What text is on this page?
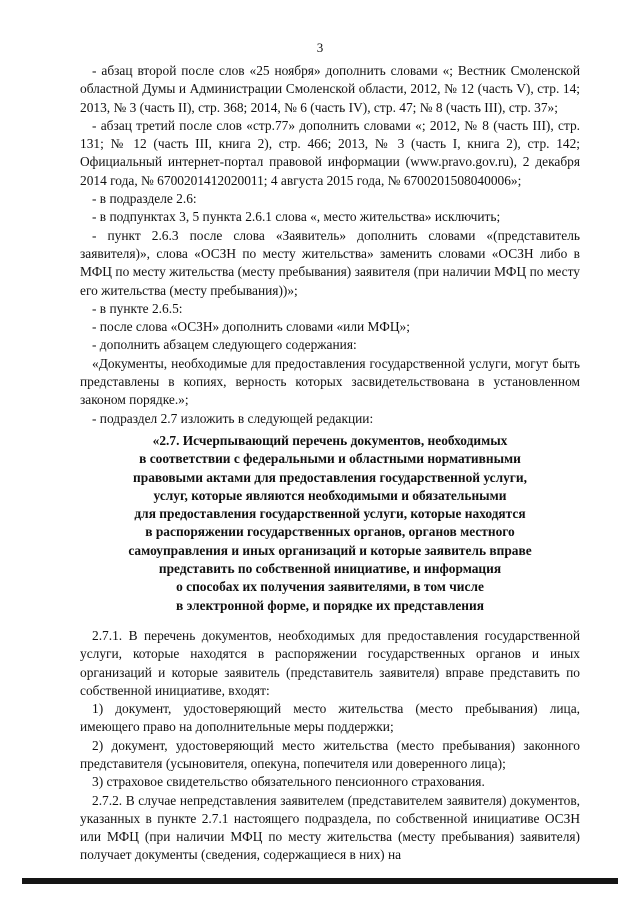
3

- абзац второй после слов «25 ноября» дополнить словами «; Вестник Смоленской областной Думы и Администрации Смоленской области, 2012, № 12 (часть V), стр. 14; 2013, № 3 (часть II), стр. 368; 2014, № 6 (часть IV), стр. 47; № 8 (часть III), стр. 37»;

- абзац третий после слов «стр.77» дополнить словами «; 2012, № 8 (часть III), стр. 131; № 12 (часть III, книга 2), стр. 466; 2013, № 3 (часть I, книга 2), стр. 142; Официальный интернет-портал правовой информации (www.pravo.gov.ru), 2 декабря 2014 года, № 6700201412020011; 4 августа 2015 года, № 6700201508040006»;

- в подразделе 2.6:

- в подпунктах 3, 5 пункта 2.6.1 слова «, место жительства» исключить;

- пункт 2.6.3 после слова «Заявитель» дополнить словами «(представитель заявителя)», слова «ОСЗН по месту жительства» заменить словами «ОСЗН либо в МФЦ по месту жительства (месту пребывания) заявителя (при наличии МФЦ по месту его жительства (месту пребывания))»;

- в пункте 2.6.5:

- после слова «ОСЗН» дополнить словами «или МФЦ»;

- дополнить абзацем следующего содержания:

«Документы, необходимые для предоставления государственной услуги, могут быть представлены в копиях, верность которых засвидетельствована в установленном законом порядке.»;

- подраздел 2.7 изложить в следующей редакции:

«2.7. Исчерпывающий перечень документов, необходимых
в соответствии с федеральными и областными нормативными
правовыми актами для предоставления государственной услуги,
услуг, которые являются необходимыми и обязательными
для предоставления государственной услуги, которые находятся
в распоряжении государственных органов, органов местного
самоуправления и иных организаций и которые заявитель вправе
представить по собственной инициативе, и информация
о способах их получения заявителями, в том числе
в электронной форме, и порядке их представления

2.7.1. В перечень документов, необходимых для предоставления государственной услуги, которые находятся в распоряжении государственных органов и иных организаций и которые заявитель (представитель заявителя) вправе представить по собственной инициативе, входят:

1) документ, удостоверяющий место жительства (место пребывания) лица, имеющего право на дополнительные меры поддержки;

2) документ, удостоверяющий место жительства (место пребывания) законного представителя (усыновителя, опекуна, попечителя или доверенного лица);

3) страховое свидетельство обязательного пенсионного страхования.

2.7.2. В случае непредставления заявителем (представителем заявителя) документов, указанных в пункте 2.7.1 настоящего подраздела, по собственной инициативе ОСЗН или МФЦ (при наличии МФЦ по месту жительства (месту пребывания) заявителя) получает документы (сведения, содержащиеся в них) на
